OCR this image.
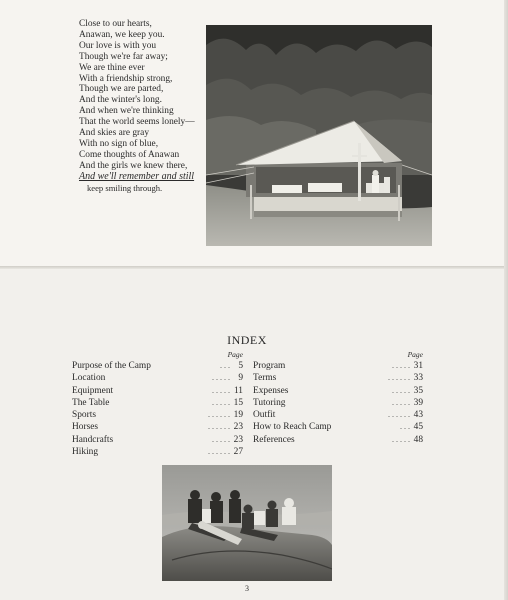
Close to our hearts,
Anawan, we keep you.
Our love is with you
Though we're far away;
We are thine ever
With a friendship strong,
Though we are parted,
And the winter's long.
And when we're thinking
That the world seems lonely—
And skies are gray
With no sign of blue,
Come thoughts of Anawan
And the girls we knew there,
And we'll remember and still
keep smiling through.
INDEX
Page
Purpose of the Camp	. . . 5
Location	. . . . . 9
Equipment	. . . . . 11
The Table	. . . . . 15
Sports	. . . . . . 19
Horses	. . . . . . 23
Handcrafts	. . . . . 23
Hiking	. . . . . . 27
Page
Program	. . . . . 31
Terms	. . . . . . 33
Expenses	. . . . . 35
Tutoring	. . . . . 39
Outfit	. . . . . . 43
How to Reach Camp	. . . 45
References	. . . . . 48
3
